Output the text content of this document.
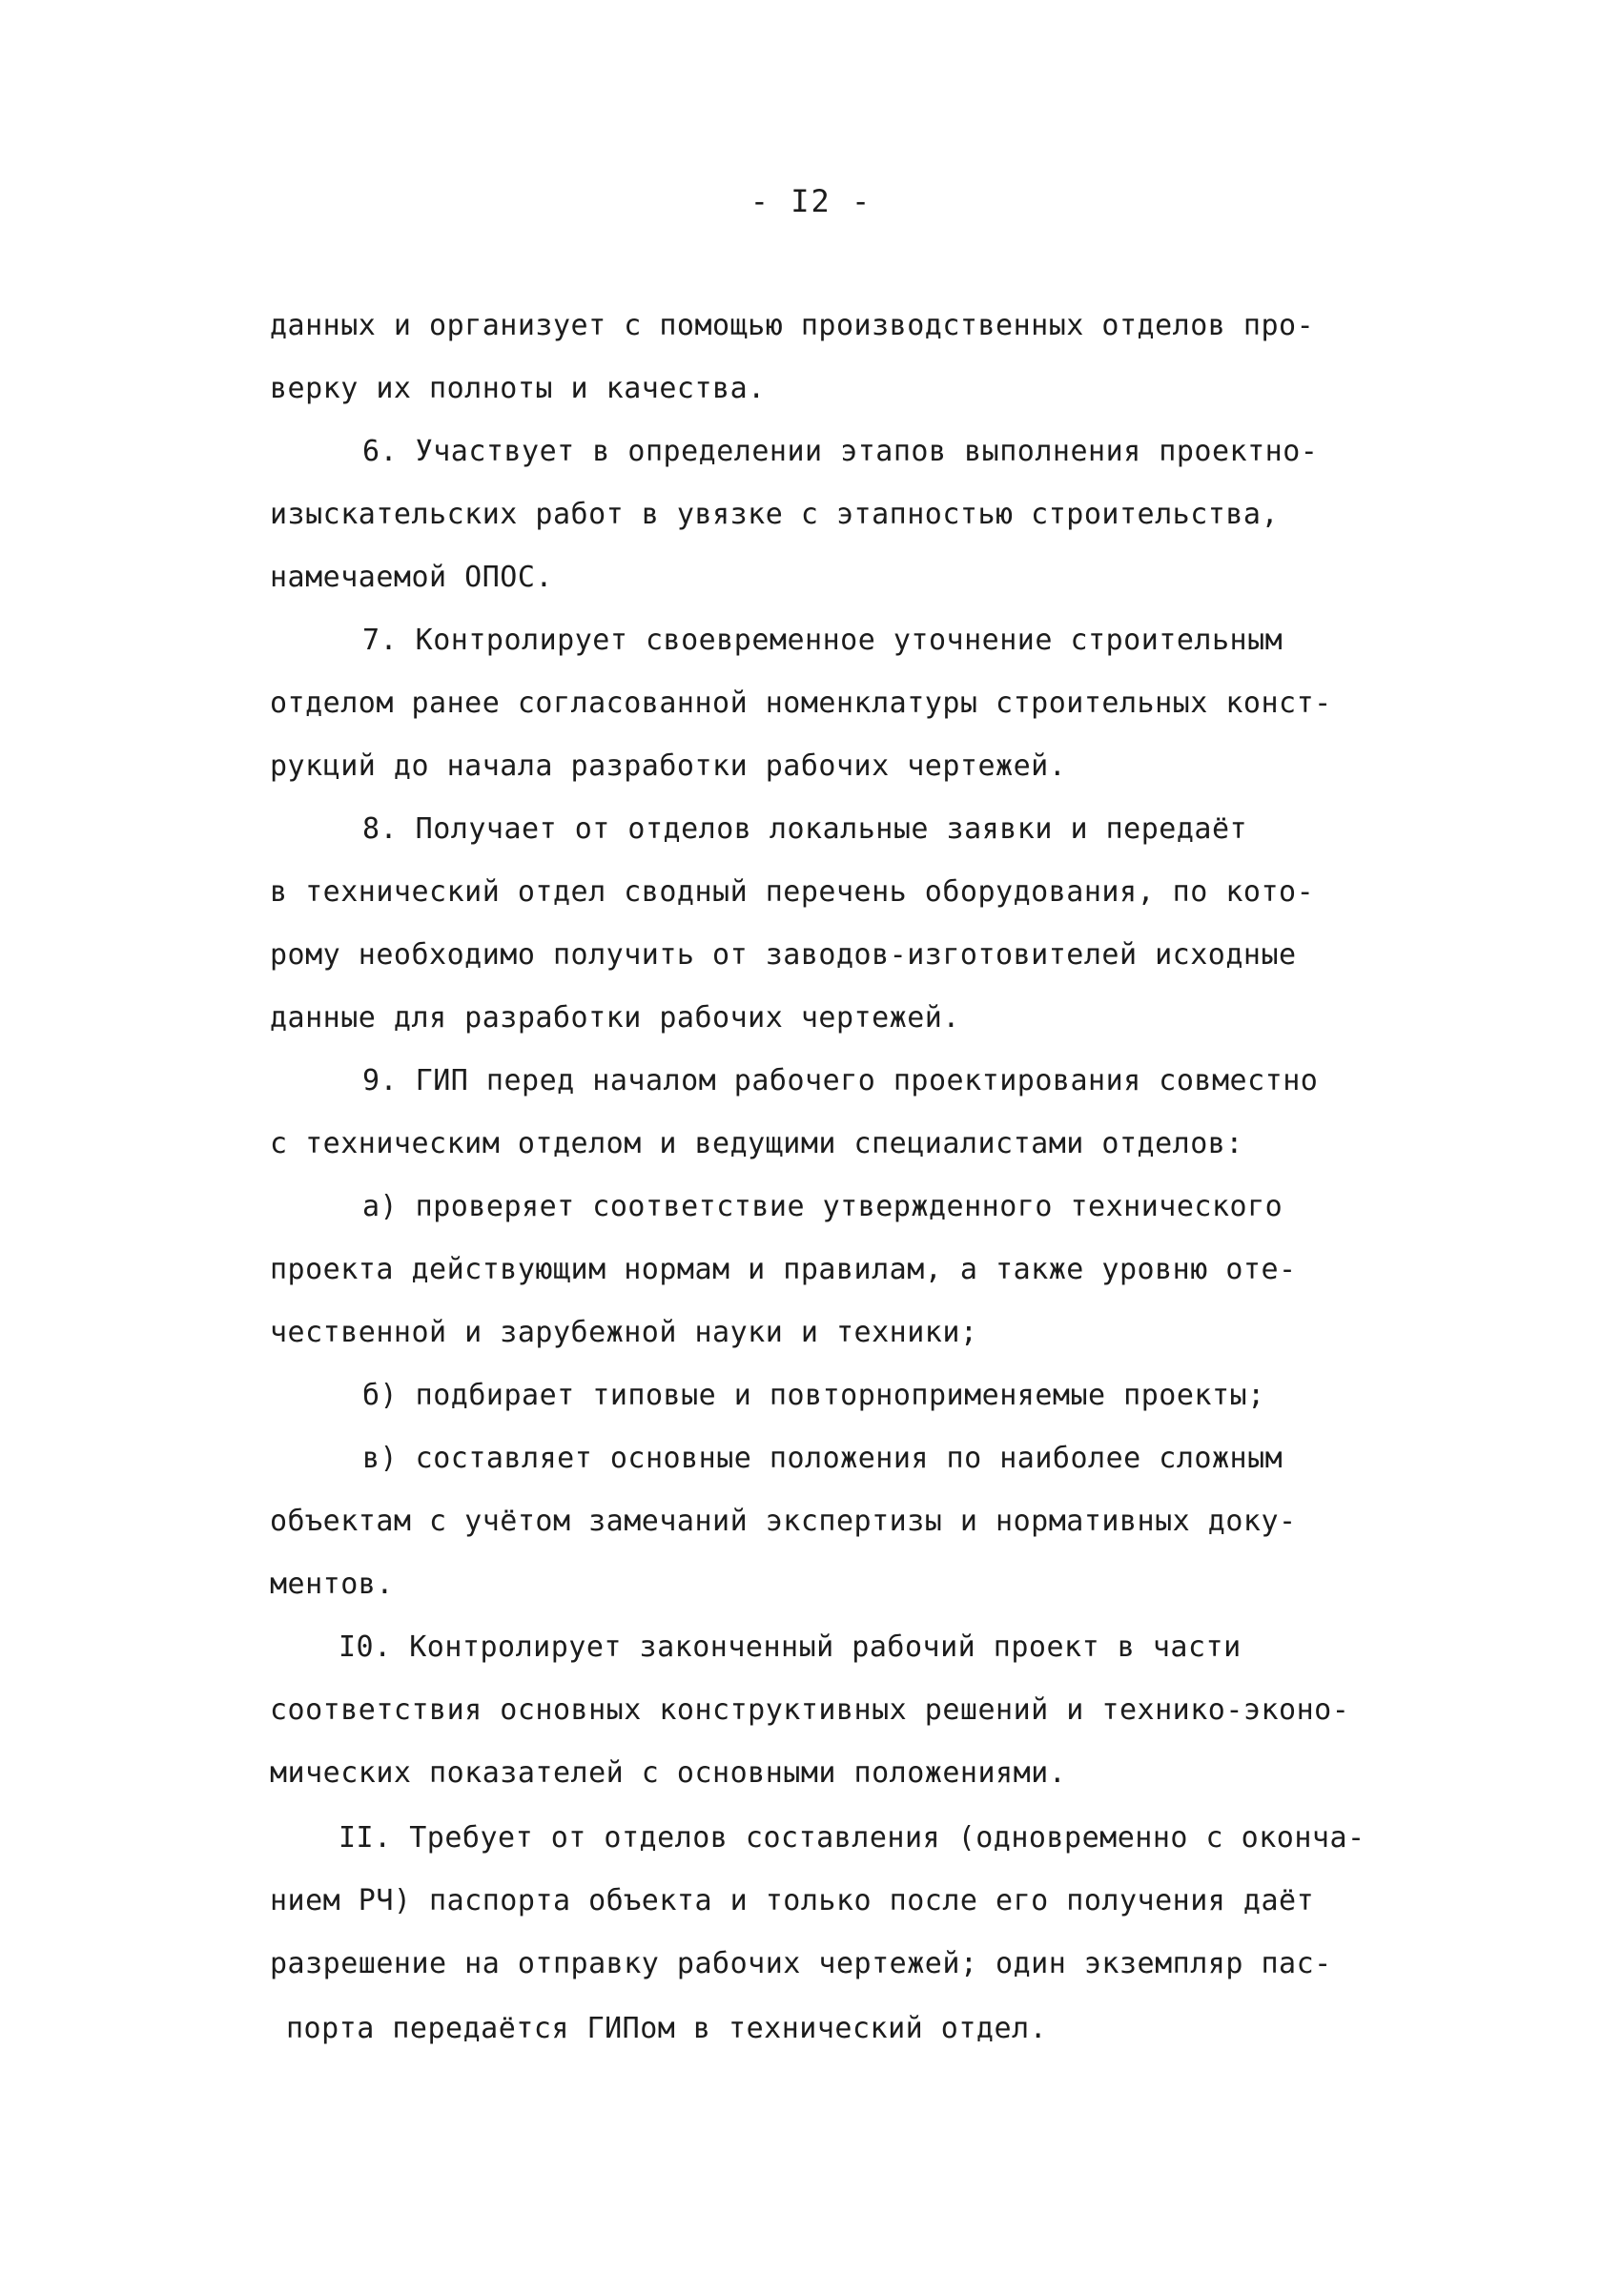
- I2 -
данных и организует с помощью производственных отделов про-
верку их полноты и качества.
6. Участвует в определении этапов выполнения проектно-
изыскательских работ в увязке с этапностью строительства,
намечаемой ОПОС.
7. Контролирует своевременное уточнение строительным
отделом ранее согласованной номенклатуры строительных конст-
рукций до начала разработки рабочих чертежей.
8. Получает от отделов локальные заявки и передаёт
в технический отдел сводный перечень оборудования, по кото-
рому необходимо получить от заводов-изготовителей исходные
данные для разработки рабочих чертежей.
9. ГИП перед началом рабочего проектирования совместно
с техническим отделом и ведущими специалистами отделов:
а) проверяет соответствие утвержденного технического
проекта действующим нормам и правилам, а также уровню оте-
чественной и зарубежной науки и техники;
б) подбирает типовые и повторноприменяемые проекты;
в) составляет основные положения по наиболее сложным
объектам с учётом замечаний экспертизы и нормативных доку-
ментов.
I0. Контролирует законченный рабочий проект в части
соответствия основных конструктивных решений и технико-эконо-
мических показателей с основными положениями.
II. Требует от отделов составления (одновременно с оконча-
нием РЧ) паспорта объекта и только после его получения даёт
разрешение на отправку рабочих чертежей; один экземпляр пас-
порта передаётся ГИПом в технический отдел.
